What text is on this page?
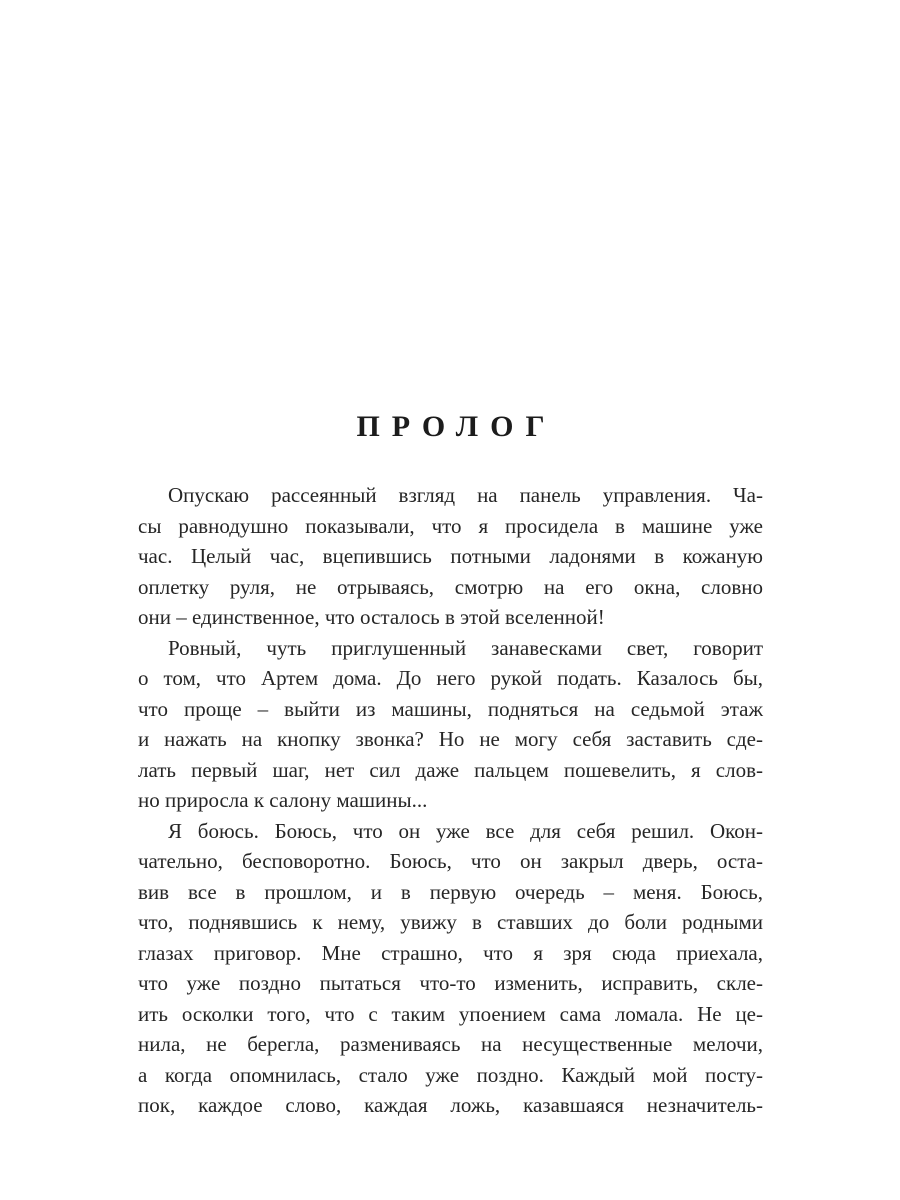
ПРОЛОГ
Опускаю рассеянный взгляд на панель управления. Ча-
сы равнодушно показывали, что я просидела в машине уже
час. Целый час, вцепившись потными ладонями в кожаную
оплетку руля, не отрываясь, смотрю на его окна, словно
они – единственное, что осталось в этой вселенной!
Ровный, чуть приглушенный занавесками свет, говорит
о том, что Артем дома. До него рукой подать. Казалось бы,
что проще – выйти из машины, подняться на седьмой этаж
и нажать на кнопку звонка? Но не могу себя заставить сде-
лать первый шаг, нет сил даже пальцем пошевелить, я слов-
но приросла к салону машины...
Я боюсь. Боюсь, что он уже все для себя решил. Окон-
чательно, бесповоротно. Боюсь, что он закрыл дверь, оста-
вив все в прошлом, и в первую очередь – меня. Боюсь,
что, поднявшись к нему, увижу в ставших до боли родными
глазах приговор. Мне страшно, что я зря сюда приехала,
что уже поздно пытаться что-то изменить, исправить, скле-
ить осколки того, что с таким упоением сама ломала. Не це-
нила, не берегла, размениваясь на несущественные мелочи,
а когда опомнилась, стало уже поздно. Каждый мой посту-
пок, каждое слово, каждая ложь, казавшаяся незначитель-
